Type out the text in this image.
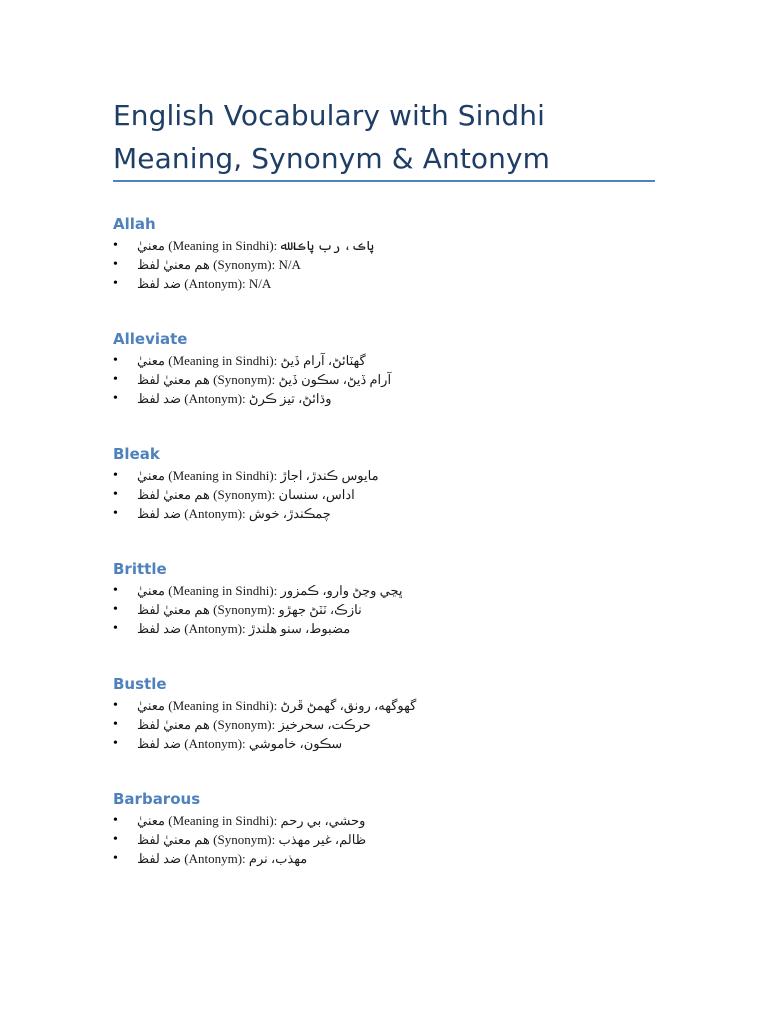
English Vocabulary with Sindhi Meaning, Synonym & Antonym
Allah
• معنيٰ (Meaning in Sindhi): پاڪ، رب پاڪ ﷲ
• هم معنيٰ لفظ (Synonym): N/A
• ضد لفظ (Antonym): N/A
Alleviate
• معنيٰ (Meaning in Sindhi): گهٽائڻ، آرام ڏيڻ
• هم معنيٰ لفظ (Synonym): آرام ڏيڻ، سڪون ڏيڻ
• ضد لفظ (Antonym): وڌائڻ، تيز ڪرڻ
Bleak
• معنيٰ (Meaning in Sindhi): مايوس ڪندڙ، اجاڙ
• هم معنيٰ لفظ (Synonym): اداس، سنسان
• ضد لفظ (Antonym): چمڪندڙ، خوش
Brittle
• معنيٰ (Meaning in Sindhi): ڀڃي وڃڻ وارو، ڪمزور
• هم معنيٰ لفظ (Synonym): نازڪ، ٽٽڻ جهڙو
• ضد لفظ (Antonym): مضبوط، سنو هلندڙ
Bustle
• معنيٰ (Meaning in Sindhi): گهوگهه، رونق، گهمڻ ڦرڻ
• هم معنيٰ لفظ (Synonym): حرڪت، سحرخيز
• ضد لفظ (Antonym): سڪون، خاموشي
Barbarous
• معنيٰ (Meaning in Sindhi): وحشي، بي رحم
• هم معنيٰ لفظ (Synonym): ظالم، غير مهذب
• ضد لفظ (Antonym): مهذب، نرم
